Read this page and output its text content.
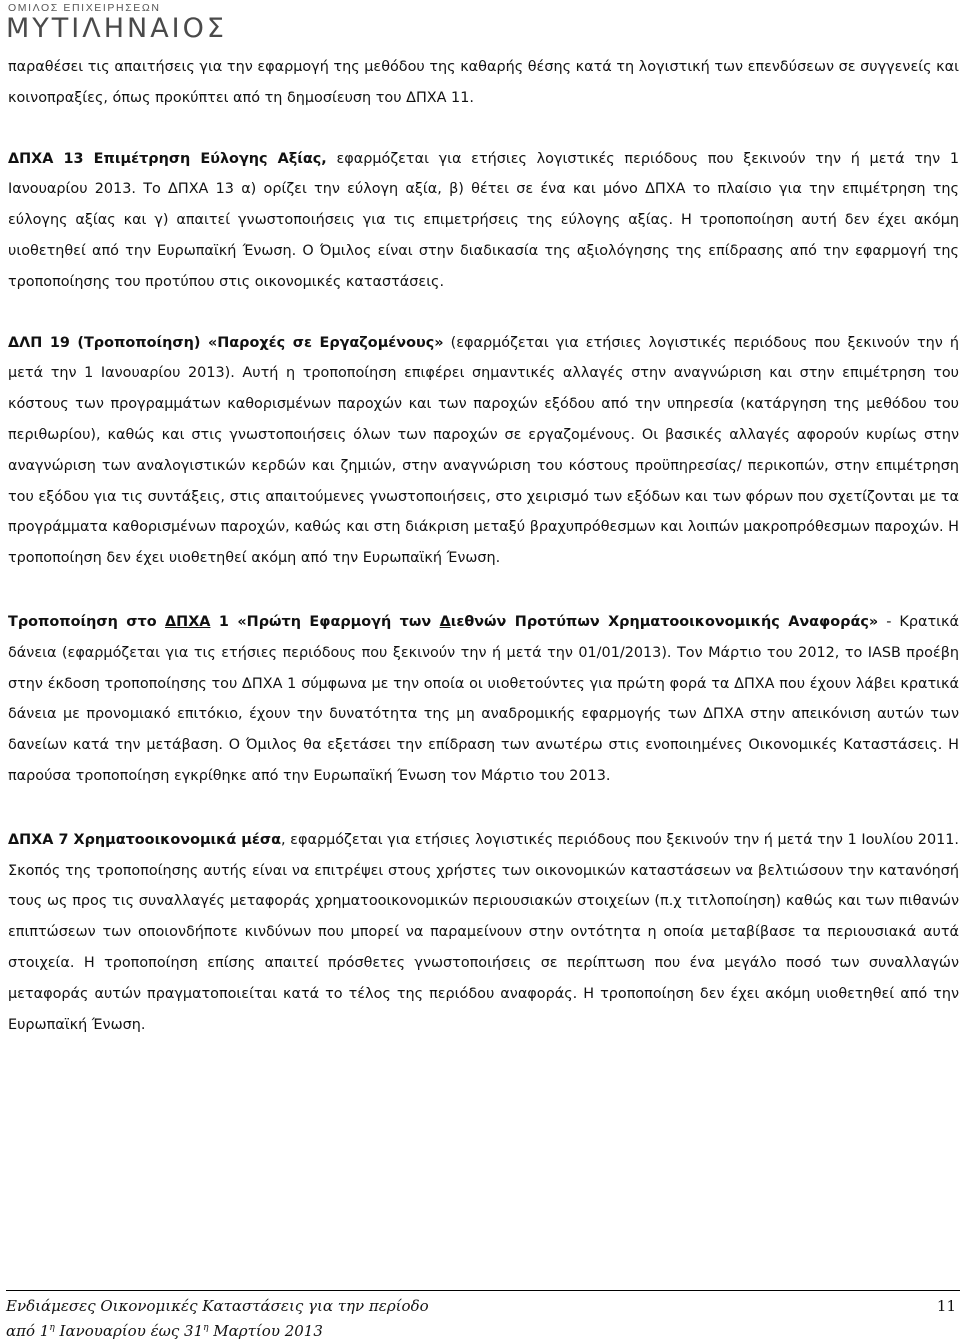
ΟΜΙΛΟΣ ΕΠΙΧΕΙΡΗΣΕΩΝ
ΜΥΤΙΛΗΝΑΙΟΣ

παραθέσει τις απαιτήσεις για την εφαρμογή της μεθόδου της καθαρής θέσης κατά τη λογιστική των επενδύσεων σε συγγενείς και κοινοπραξίες, όπως προκύπτει από τη δημοσίευση του ΔΠΧΑ 11.

ΔΠΧΑ 13 Επιμέτρηση Εύλογης Αξίας, εφαρμόζεται για ετήσιες λογιστικές περιόδους που ξεκινούν την ή μετά την 1 Ιανουαρίου 2013. Το ΔΠΧΑ 13 α) ορίζει την εύλογη αξία, β) θέτει σε ένα και μόνο ΔΠΧΑ το πλαίσιο για την επιμέτρηση της εύλογης αξίας και γ) απαιτεί γνωστοποιήσεις για τις επιμετρήσεις της εύλογης αξίας. Η τροποποίηση αυτή δεν έχει ακόμη υιοθετηθεί από την Ευρωπαϊκή Ένωση. Ο Όμιλος είναι στην διαδικασία της αξιολόγησης της επίδρασης από την εφαρμογή της τροποποίησης του προτύπου στις οικονομικές καταστάσεις.

ΔΛΠ 19 (Τροποποίηση) «Παροχές σε Εργαζομένους» (εφαρμόζεται για ετήσιες λογιστικές περιόδους που ξεκινούν την ή μετά την 1 Ιανουαρίου 2013). Αυτή η τροποποίηση επιφέρει σημαντικές αλλαγές στην αναγνώριση και στην επιμέτρηση του κόστους των προγραμμάτων καθορισμένων παροχών και των παροχών εξόδου από την υπηρεσία (κατάργηση της μεθόδου του περιθωρίου), καθώς και στις γνωστοποιήσεις όλων των παροχών σε εργαζομένους. Οι βασικές αλλαγές αφορούν κυρίως στην αναγνώριση των αναλογιστικών κερδών και ζημιών, στην αναγνώριση του κόστους προϋπηρεσίας/ περικοπών, στην επιμέτρηση του εξόδου για τις συντάξεις, στις απαιτούμενες γνωστοποιήσεις, στο χειρισμό των εξόδων και των φόρων που σχετίζονται με τα προγράμματα καθορισμένων παροχών, καθώς και στη διάκριση μεταξύ βραχυπρόθεσμων και λοιπών μακροπρόθεσμων παροχών. Η τροποποίηση δεν έχει υιοθετηθεί ακόμη από την Ευρωπαϊκή Ένωση.

Τροποποίηση στο ΔΠΧΑ 1 «Πρώτη Εφαρμογή των Διεθνών Προτύπων Χρηματοοικονομικής Αναφοράς» - Κρατικά δάνεια (εφαρμόζεται για τις ετήσιες περιόδους που ξεκινούν την ή μετά την 01/01/2013). Τον Μάρτιο του 2012, το IASB προέβη στην έκδοση τροποποίησης του ΔΠΧΑ 1 σύμφωνα με την οποία οι υιοθετούντες για πρώτη φορά τα ΔΠΧΑ που έχουν λάβει κρατικά δάνεια με προνομιακό επιτόκιο, έχουν την δυνατότητα της μη αναδρομικής εφαρμογής των ΔΠΧΑ στην απεικόνιση αυτών των δανείων κατά την μετάβαση. Ο Όμιλος θα εξετάσει την επίδραση των ανωτέρω στις ενοποιημένες Οικονομικές Καταστάσεις. Η παρούσα τροποποίηση εγκρίθηκε από την Ευρωπαϊκή Ένωση τον Μάρτιο του 2013.

ΔΠΧΑ 7 Χρηματοοικονομικά μέσα, εφαρμόζεται για ετήσιες λογιστικές περιόδους που ξεκινούν την ή μετά την 1 Ιουλίου 2011. Σκοπός της τροποποίησης αυτής είναι να επιτρέψει στους χρήστες των οικονομικών καταστάσεων να βελτιώσουν την κατανόησή τους ως προς τις συναλλαγές μεταφοράς χρηματοοικονομικών περιουσιακών στοιχείων (π.χ τιτλοποίηση) καθώς και των πιθανών επιπτώσεων των οποιονδήποτε κινδύνων που μπορεί να παραμείνουν στην οντότητα η οποία μεταβίβασε τα περιουσιακά αυτά στοιχεία. Η τροποποίηση επίσης απαιτεί πρόσθετες γνωστοποιήσεις σε περίπτωση που ένα μεγάλο ποσό των συναλλαγών μεταφοράς αυτών πραγματοποιείται κατά το τέλος της περιόδου αναφοράς. Η τροποποίηση δεν έχει ακόμη υιοθετηθεί από την Ευρωπαϊκή Ένωση.

Ενδιάμεσες Οικονομικές Καταστάσεις για την περίοδο
από $1^\eta$ Ιανουαρίου έως $31^\eta$ Μαρτίου 2013
11
